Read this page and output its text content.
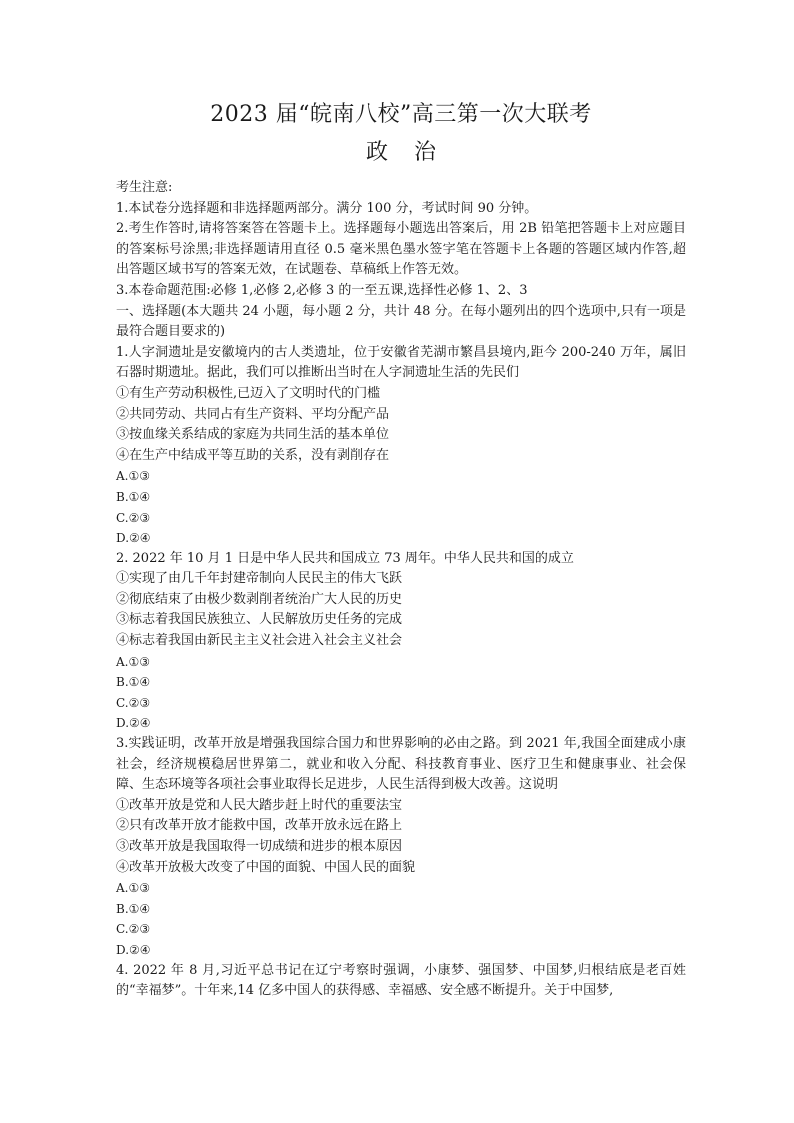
2023 届“皖南八校”高三第一次大联考
政 治
考生注意:
1.本试卷分选择题和非选择题两部分。满分 100 分，考试时间 90 分钟。
2.考生作答时,请将答案答在答题卡上。选择题每小题选出答案后，用 2B 铅笔把答题卡上对应题目的答案标号涂黑;非选择题请用直径 0.5 毫米黑色墨水签字笔在答题卡上各题的答题区域内作答,超出答题区域书写的答案无效，在试题卷、草稿纸上作答无效。
3.本卷命题范围:必修 1,必修 2,必修 3 的一至五课,选择性必修 1、2、3
一、选择题(本大题共 24 小题，每小题 2 分，共计 48 分。在每小题列出的四个选项中,只有一项是最符合题目要求的)
1.人字洞遗址是安徽境内的古人类遗址，位于安徽省芜湖市繁昌县境内,距今 200-240 万年，属旧石器时期遗址。据此，我们可以推断出当时在人字洞遗址生活的先民们
①有生产劳动积极性,已迈入了文明时代的门槛
②共同劳动、共同占有生产资料、平均分配产品
③按血缘关系结成的家庭为共同生活的基本单位
④在生产中结成平等互助的关系，没有剥削存在
A.①③
B.①④
C.②③
D.②④
2. 2022 年 10 月 1 日是中华人民共和国成立 73 周年。中华人民共和国的成立
①实现了由几千年封建帝制向人民民主的伟大飞跃
②彻底结束了由极少数剥削者统治广大人民的历史
③标志着我国民族独立、人民解放历史任务的完成
④标志着我国由新民主主义社会进入社会主义社会
A.①③
B.①④
C.②③
D.②④
3.实践证明，改革开放是增强我国综合国力和世界影响的必由之路。到 2021 年,我国全面建成小康社会，经济规模稳居世界第二，就业和收入分配、科技教育事业、医疗卫生和健康事业、社会保障、生态环境等各项社会事业取得长足进步，人民生活得到极大改善。这说明
①改革开放是党和人民大踏步赶上时代的重要法宝
②只有改革开放才能救中国，改革开放永远在路上
③改革开放是我国取得一切成绩和进步的根本原因
④改革开放极大改变了中国的面貌、中国人民的面貌
A.①③
B.①④
C.②③
D.②④
4. 2022 年 8 月,习近平总书记在辽宁考察时强调，小康梦、强国梦、中国梦,归根结底是老百姓的“幸福梦”。十年来,14 亿多中国人的获得感、幸福感、安全感不断提升。关于中国梦,
